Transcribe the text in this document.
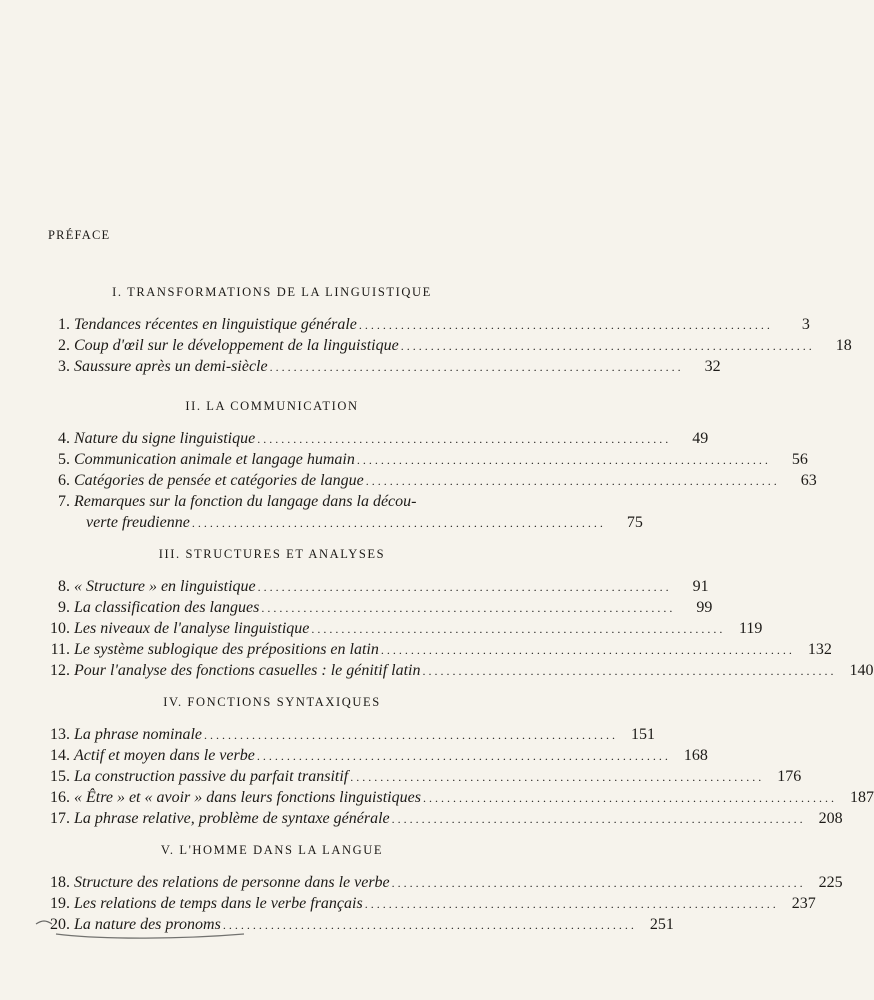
PRÉFACE
I. TRANSFORMATIONS DE LA LINGUISTIQUE
1. Tendances récentes en linguistique générale . . .	3
2. Coup d'œil sur le développement de la linguistique . . .	18
3. Saussure après un demi-siècle . . .	32
II. LA COMMUNICATION
4. Nature du signe linguistique . . .	49
5. Communication animale et langage humain . . .	56
6. Catégories de pensée et catégories de langue . . .	63
7. Remarques sur la fonction du langage dans la décou-
verte freudienne . . .	75
III. STRUCTURES ET ANALYSES
8. « Structure » en linguistique . . .	91
9. La classification des langues . . .	99
10. Les niveaux de l'analyse linguistique . . .	119
11. Le système sublogique des prépositions en latin . . .	132
12. Pour l'analyse des fonctions casuelles : le génitif latin . . .	140
IV. FONCTIONS SYNTAXIQUES
13. La phrase nominale . . .	151
14. Actif et moyen dans le verbe . . .	168
15. La construction passive du parfait transitif . . .	176
16. « Être » et « avoir » dans leurs fonctions linguistiques . . .	187
17. La phrase relative, problème de syntaxe générale . . .	208
V. L'HOMME DANS LA LANGUE
18. Structure des relations de personne dans le verbe . . .	225
19. Les relations de temps dans le verbe français . . .	237
20. La nature des pronoms . . .	251
